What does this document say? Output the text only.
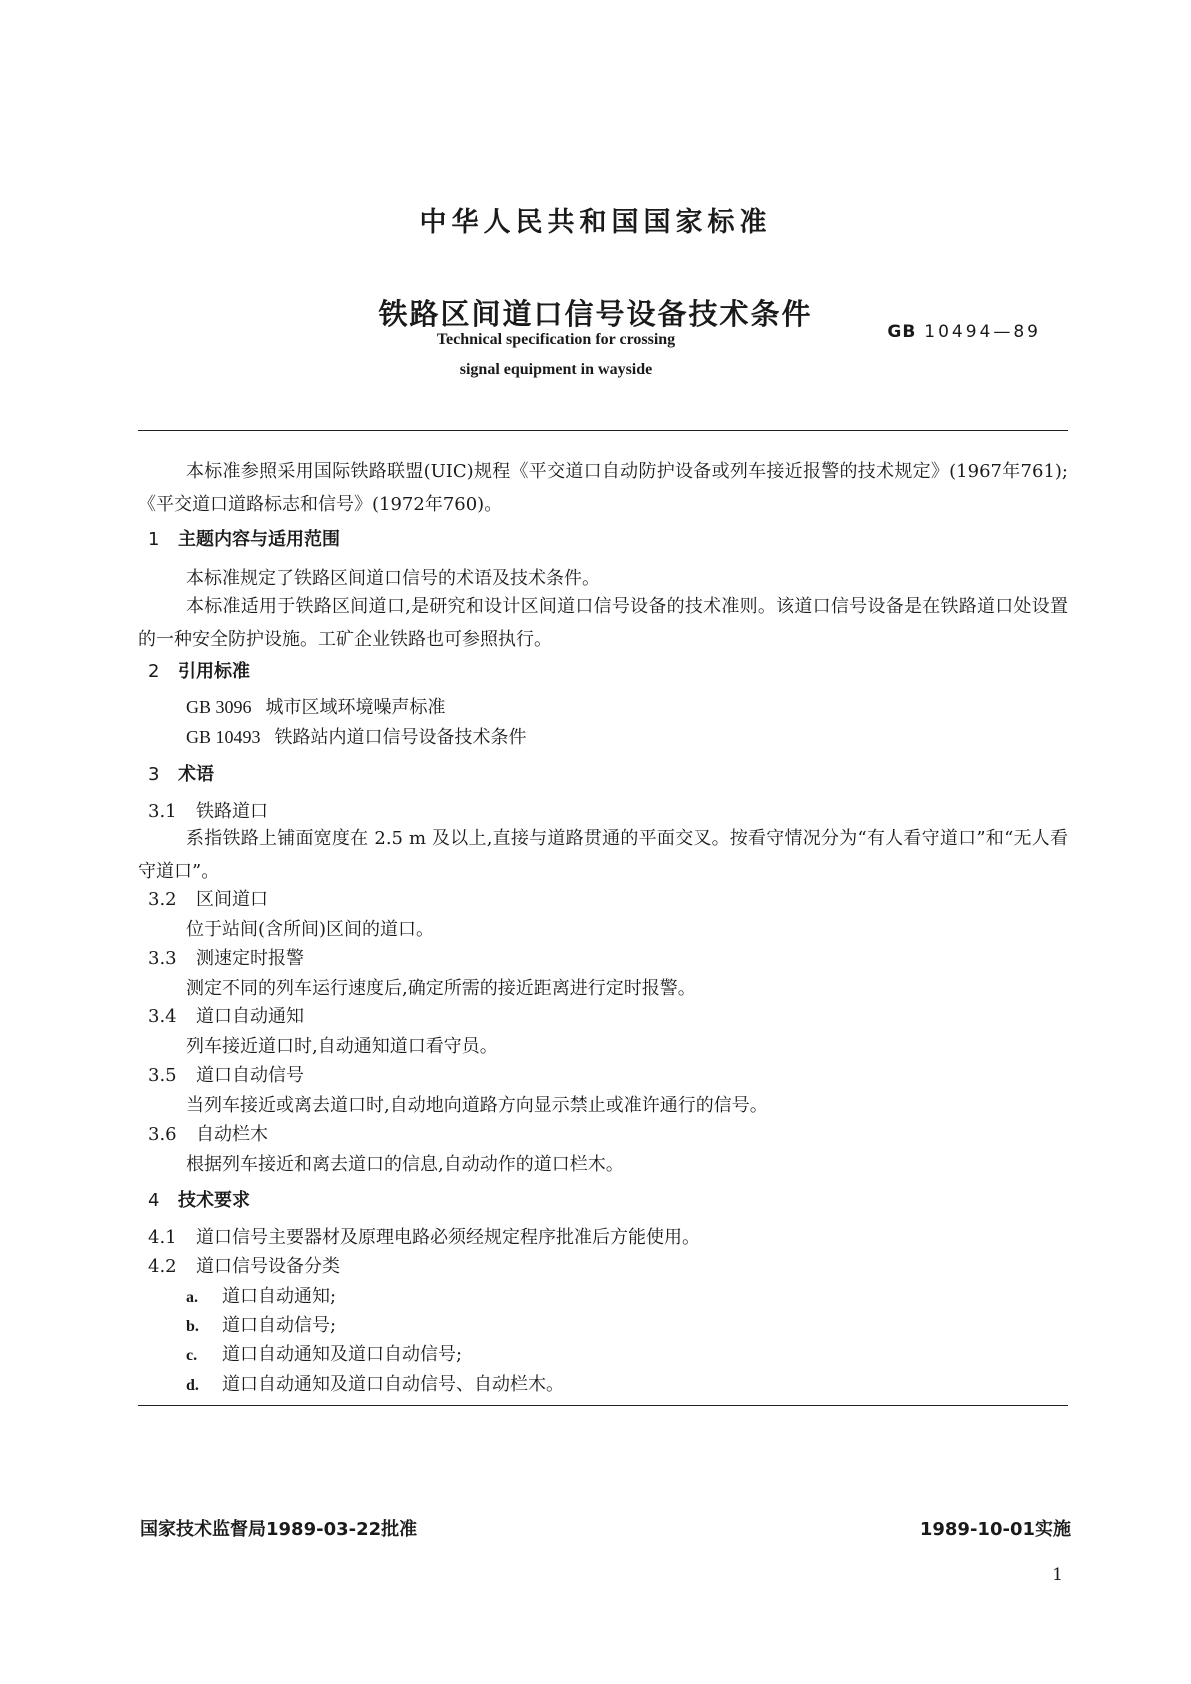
中华人民共和国国家标准
铁路区间道口信号设备技术条件
GB 10494—89
Technical specification for crossing
signal equipment in wayside
本标准参照采用国际铁路联盟(UIC)规程《平交道口自动防护设备或列车接近报警的技术规定》(1967年761);《平交道口道路标志和信号》(1972年760)。
1 主题内容与适用范围
本标准规定了铁路区间道口信号的术语及技术条件。
本标准适用于铁路区间道口,是研究和设计区间道口信号设备的技术准则。该道口信号设备是在铁路道口处设置的一种安全防护设施。工矿企业铁路也可参照执行。
2 引用标准
GB 3096 城市区域环境噪声标准
GB 10493 铁路站内道口信号设备技术条件
3 术语
3.1 铁路道口
系指铁路上铺面宽度在 2.5 m 及以上,直接与道路贯通的平面交叉。按看守情况分为“有人看守道口”和“无人看守道口”。
3.2 区间道口
位于站间(含所间)区间的道口。
3.3 测速定时报警
测定不同的列车运行速度后,确定所需的接近距离进行定时报警。
3.4 道口自动通知
列车接近道口时,自动通知道口看守员。
3.5 道口自动信号
当列车接近或离去道口时,自动地向道路方向显示禁止或准许通行的信号。
3.6 自动栏木
根据列车接近和离去道口的信息,自动动作的道口栏木。
4 技术要求
4.1 道口信号主要器材及原理电路必须经规定程序批准后方能使用。
4.2 道口信号设备分类
a. 道口自动通知;
b. 道口自动信号;
c. 道口自动通知及道口自动信号;
d. 道口自动通知及道口自动信号、自动栏木。
国家技术监督局1989-03-22批准	1989-10-01实施
1
